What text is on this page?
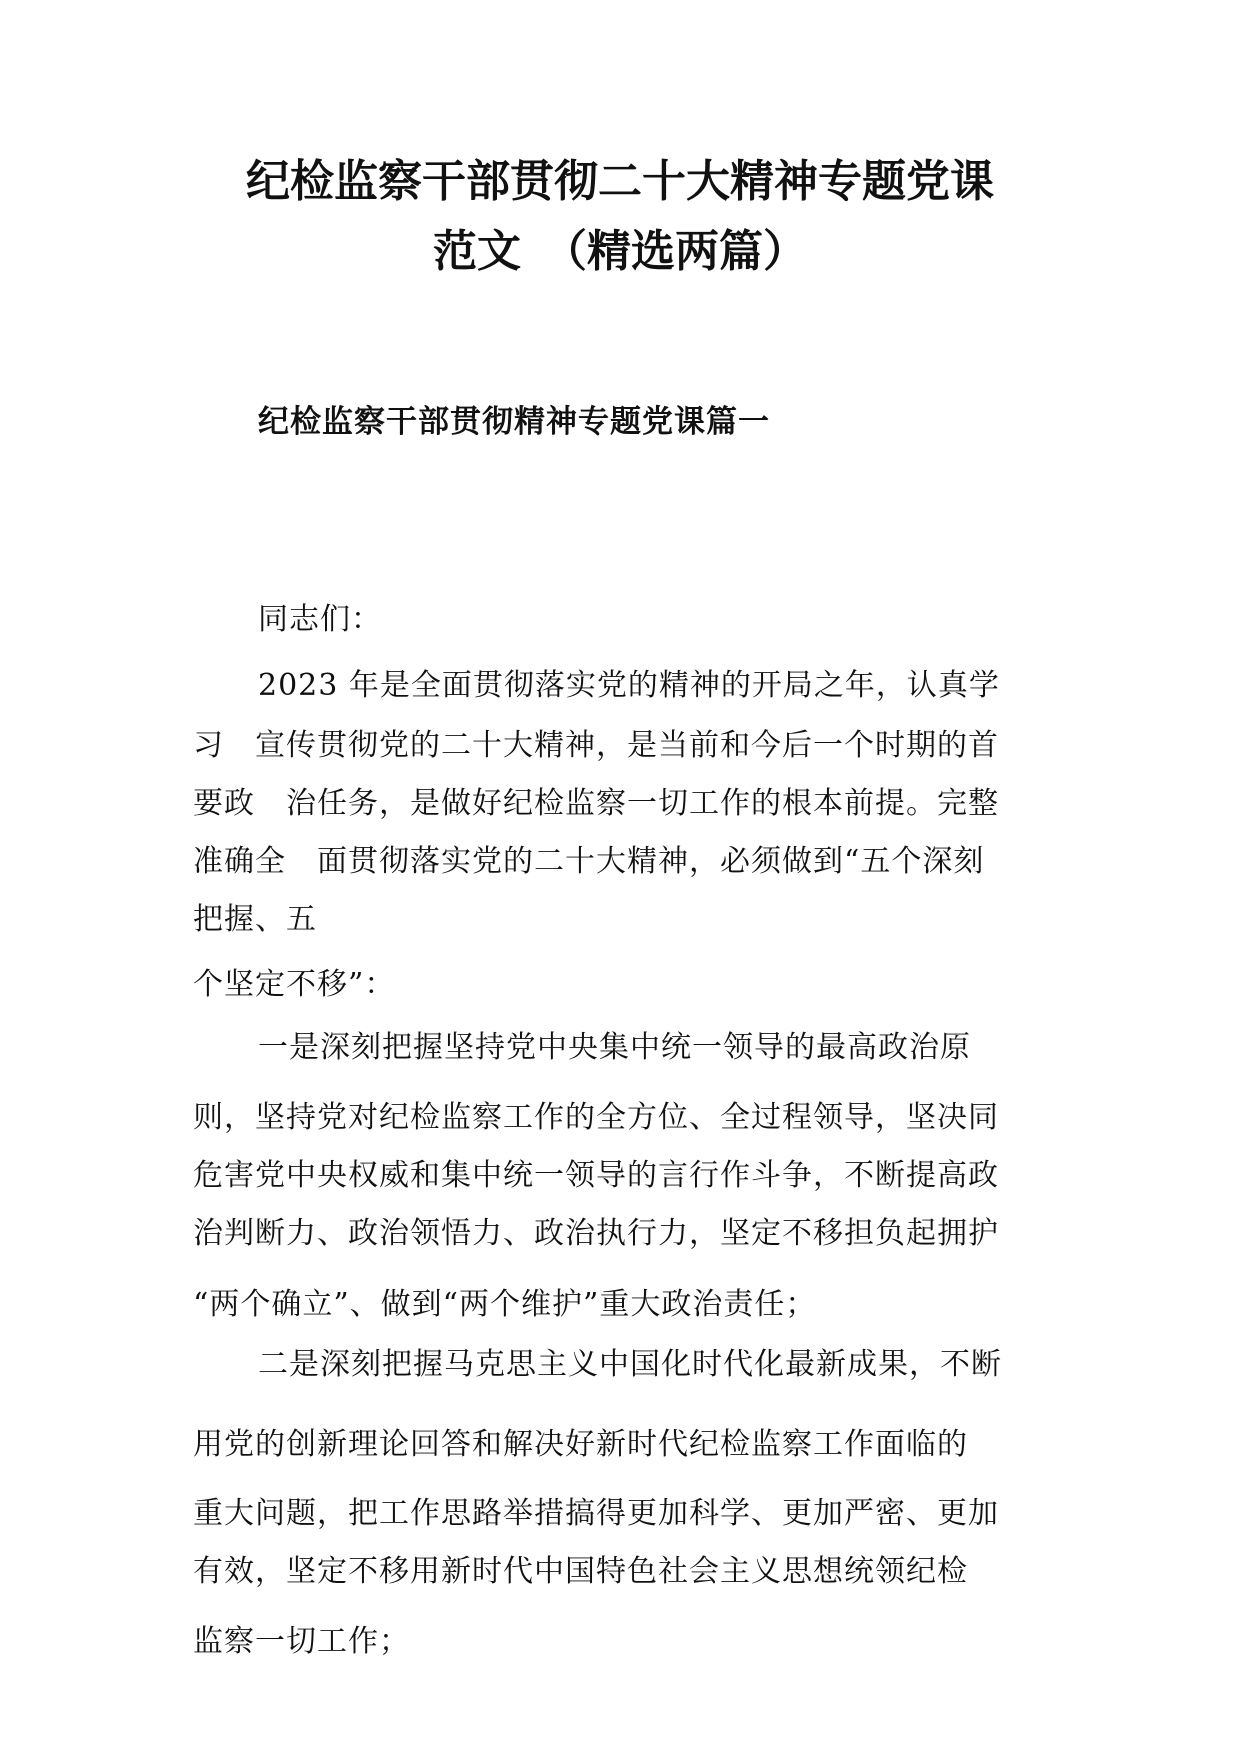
纪检监察干部贯彻二十大精神专题党课
范文　（精选两篇）
纪检监察干部贯彻精神专题党课篇一
同志们：
2023 年是全面贯彻落实党的精神的开局之年，认真学
习　宣传贯彻党的二十大精神，是当前和今后一个时期的首
要政　治任务，是做好纪检监察一切工作的根本前提。完整
准确全　面贯彻落实党的二十大精神，必须做到“五个深刻
把握、五
个坚定不移”：
一是深刻把握坚持党中央集中统一领导的最高政治原
则，坚持党对纪检监察工作的全方位、全过程领导，坚决同
危害党中央权威和集中统一领导的言行作斗争，不断提高政
治判断力、政治领悟力、政治执行力，坚定不移担负起拥护
“两个确立”、做到“两个维护”重大政治责任；
二是深刻把握马克思主义中国化时代化最新成果，不断
用党的创新理论回答和解决好新时代纪检监察工作面临的
重大问题，把工作思路举措搞得更加科学、更加严密、更加
有效，坚定不移用新时代中国特色社会主义思想统领纪检
监察一切工作；
